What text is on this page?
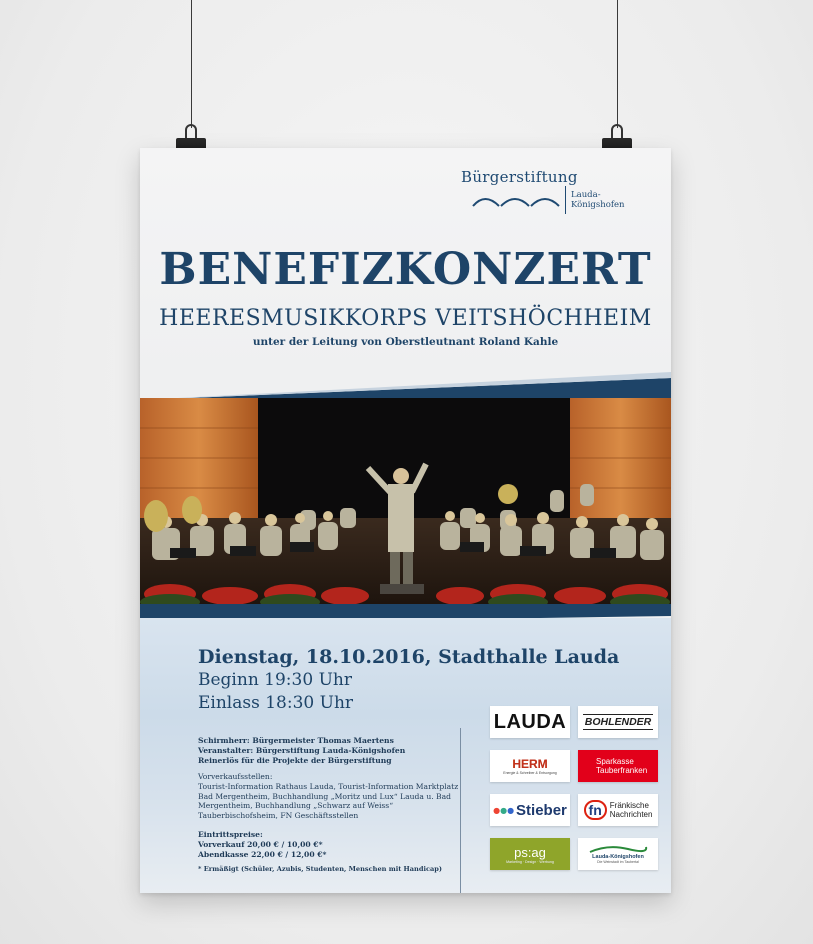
Bürgerstiftung
Lauda-
Königshofen
BENEFIZKONZERT
HEERESMUSIKKORPS VEITSHÖCHHEIM
unter der Leitung von Oberstleutnant Roland Kahle
Dienstag, 18.10.2016, Stadthalle Lauda
Beginn 19:30 Uhr
Einlass 18:30 Uhr
Schirmherr: Bürgermeister Thomas Maertens
Veranstalter: Bürgerstiftung Lauda-Königshofen
Reinerlös für die Projekte der Bürgerstiftung
Vorverkaufsstellen:
Tourist-Information Rathaus Lauda, Tourist-Information Marktplatz Bad Mergentheim, Buchhandlung „Moritz und Lux“ Lauda u. Bad Mergentheim, Buchhandlung „Schwarz auf Weiss“ Tauberbischofsheim, FN Geschäftsstellen
Eintrittspreise:
Vorverkauf 20,00 € / 10,00 €*
Abendkasse 22,00 € / 12,00 €*
* Ermäßigt (Schüler, Azubis, Studenten, Menschen mit Handicap)
LAUDA BOHLENDER
HERM
Energie & Schreiber & Entsorgung
Sparkasse
Tauberfranken
●●● Stieber	fn	Fränkische
Nachrichten
ps:ag
Marketing · Design · Werbung
Lauda-Königshofen
Die Weinstadt im Taubertal
